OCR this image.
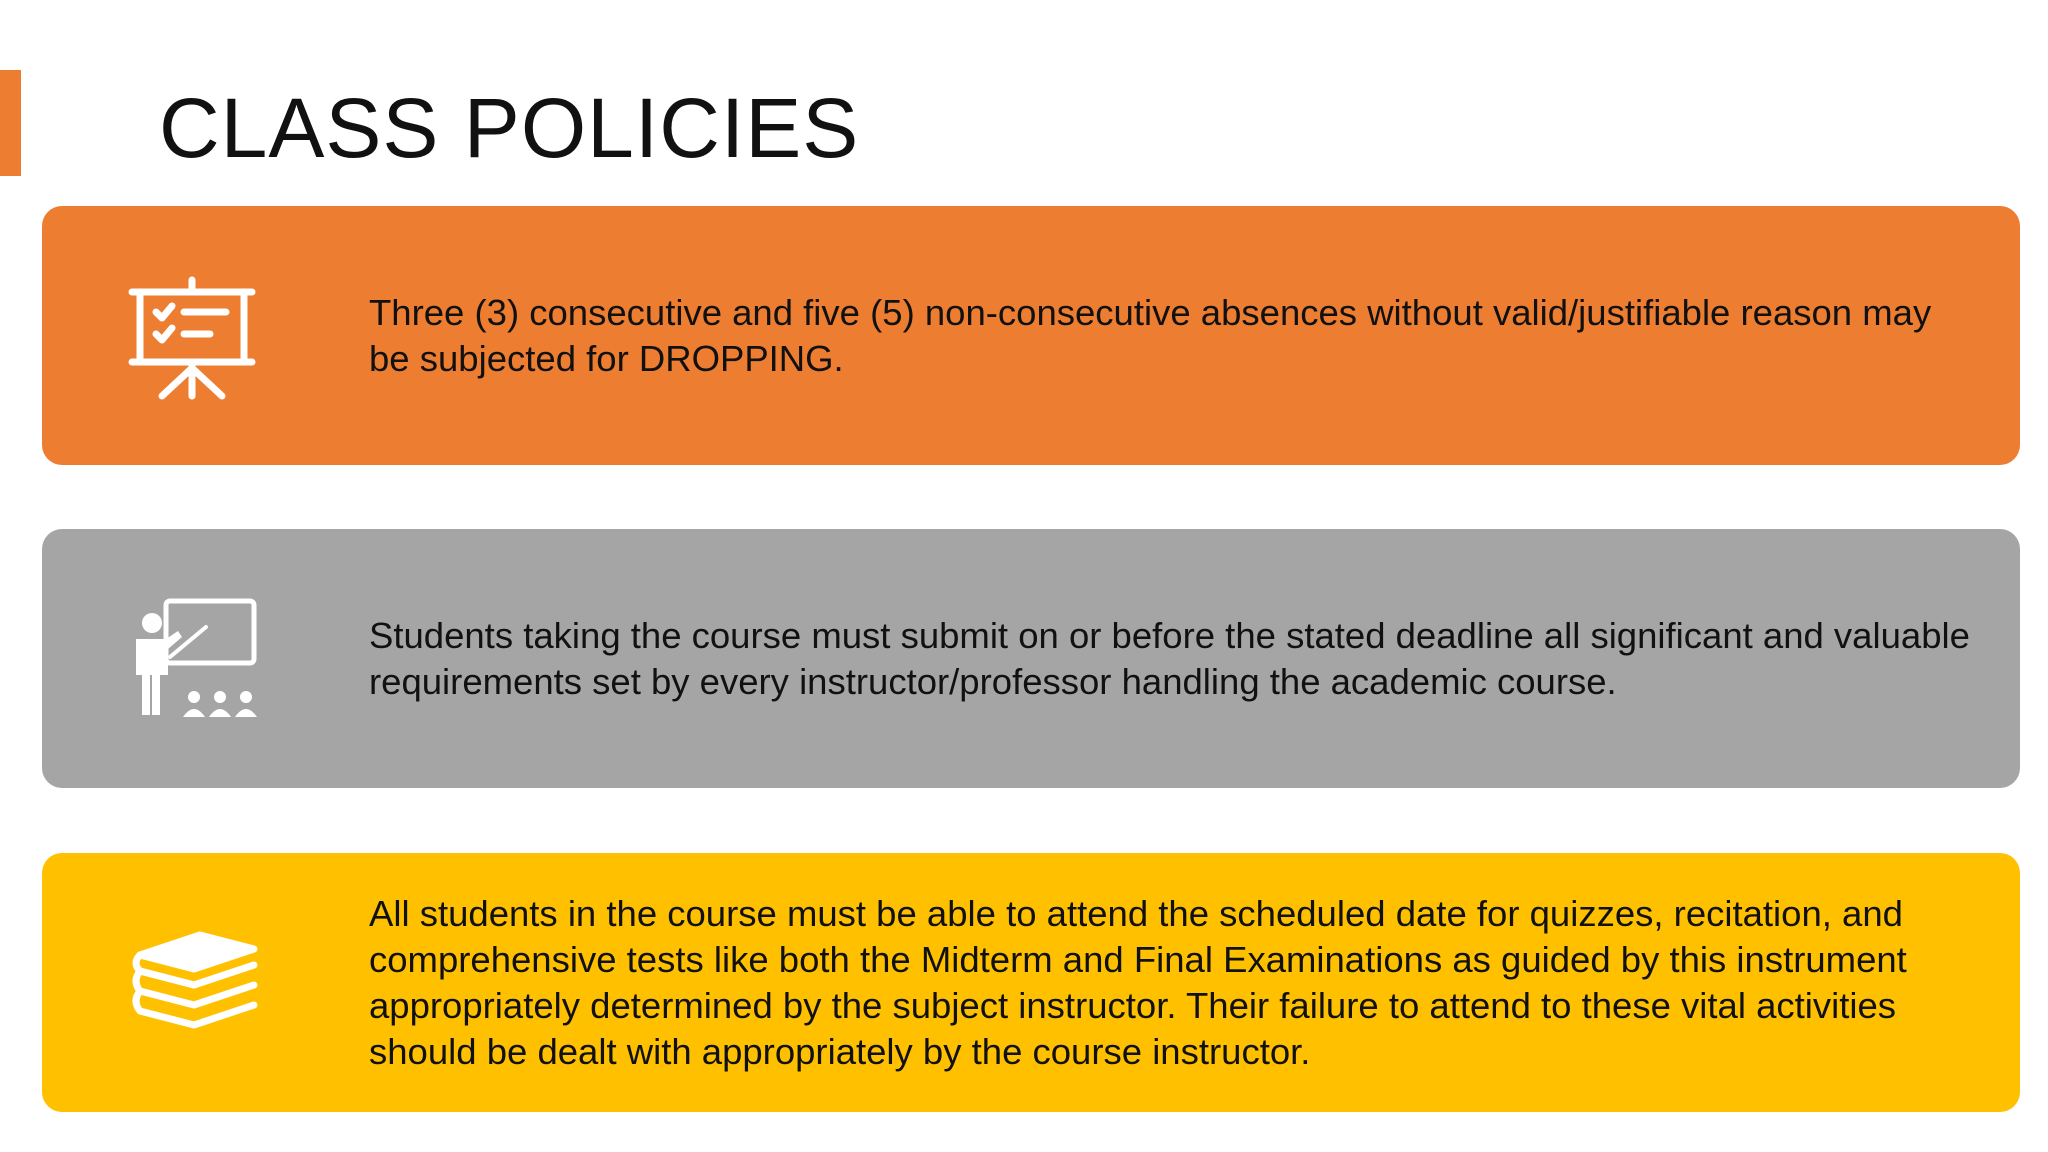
CLASS POLICIES

Three (3) consecutive and five (5) non-consecutive absences without valid/justifiable reason may be subjected for DROPPING.

Students taking the course must submit on or before the stated deadline all significant and valuable requirements set by every instructor/professor handling the academic course.

All students in the course must be able to attend the scheduled date for quizzes, recitation, and comprehensive tests like both the Midterm and Final Examinations as guided by this instrument appropriately determined by the subject instructor. Their failure to attend to these vital activities should be dealt with appropriately by the course instructor.
